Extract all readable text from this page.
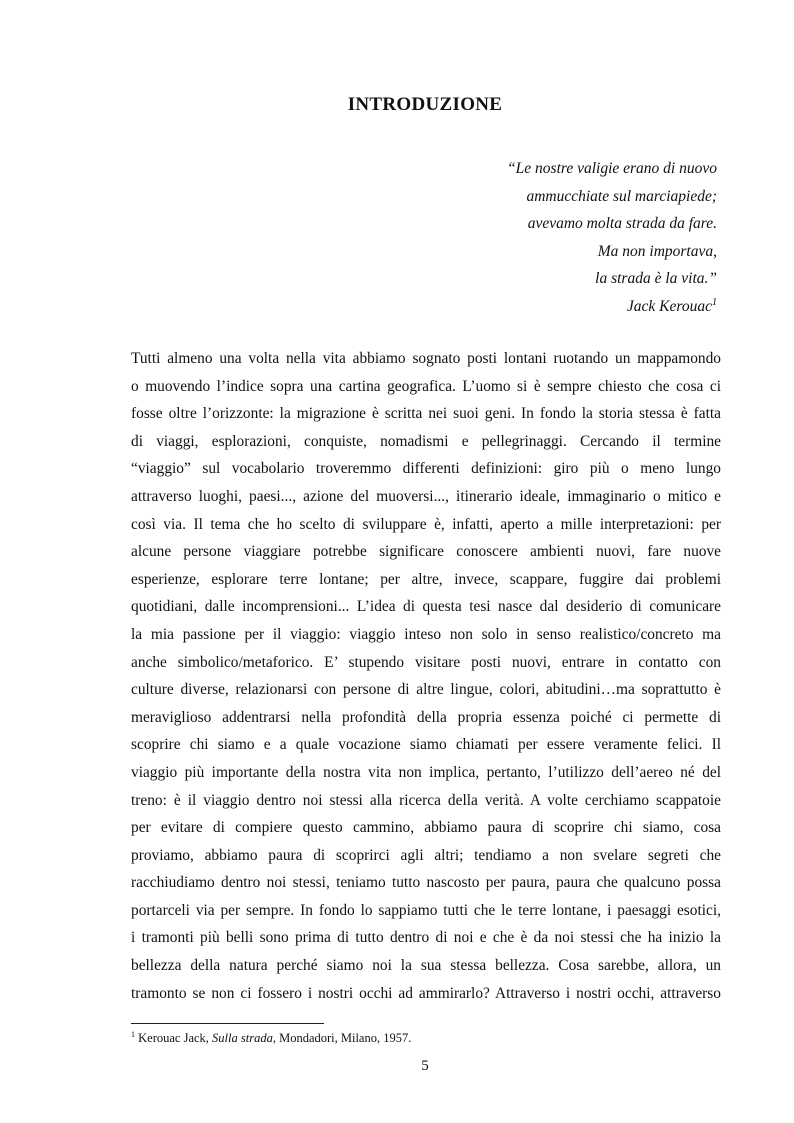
INTRODUZIONE
“Le nostre valigie erano di nuovo
ammucchiate sul marciapiede;
avevamo molta strada da fare.
Ma non importava,
la strada è la vita.”
Jack Kerouac$^1$
Tutti almeno una volta nella vita abbiamo sognato posti lontani ruotando un mappamondo
o muovendo l’indice sopra una cartina geografica. L’uomo si è sempre chiesto che cosa ci
fosse oltre l’orizzonte: la migrazione è scritta nei suoi geni. In fondo la storia stessa è fatta
di viaggi, esplorazioni, conquiste, nomadismi e pellegrinaggi. Cercando il termine
“viaggio” sul vocabolario troveremmo differenti definizioni: giro più o meno lungo
attraverso luoghi, paesi..., azione del muoversi..., itinerario ideale, immaginario o mitico e
così via. Il tema che ho scelto di sviluppare è, infatti, aperto a mille interpretazioni: per
alcune persone viaggiare potrebbe significare conoscere ambienti nuovi, fare nuove
esperienze, esplorare terre lontane; per altre, invece, scappare, fuggire dai problemi
quotidiani, dalle incomprensioni... L’idea di questa tesi nasce dal desiderio di comunicare
la mia passione per il viaggio: viaggio inteso non solo in senso realistico/concreto ma
anche simbolico/metaforico. E’ stupendo visitare posti nuovi, entrare in contatto con
culture diverse, relazionarsi con persone di altre lingue, colori, abitudini…ma soprattutto è
meraviglioso addentrarsi nella profondità della propria essenza poiché ci permette di
scoprire chi siamo e a quale vocazione siamo chiamati per essere veramente felici. Il
viaggio più importante della nostra vita non implica, pertanto, l’utilizzo dell’aereo né del
treno: è il viaggio dentro noi stessi alla ricerca della verità. A volte cerchiamo scappatoie
per evitare di compiere questo cammino, abbiamo paura di scoprire chi siamo, cosa
proviamo, abbiamo paura di scoprirci agli altri; tendiamo a non svelare segreti che
racchiudiamo dentro noi stessi, teniamo tutto nascosto per paura, paura che qualcuno possa
portarceli via per sempre. In fondo lo sappiamo tutti che le terre lontane, i paesaggi esotici,
i tramonti più belli sono prima di tutto dentro di noi e che è da noi stessi che ha inizio la
bellezza della natura perché siamo noi la sua stessa bellezza. Cosa sarebbe, allora, un
tramonto se non ci fossero i nostri occhi ad ammirarlo? Attraverso i nostri occhi, attraverso
$^1$ Kerouac Jack, Sulla strada, Mondadori, Milano, 1957.
5
